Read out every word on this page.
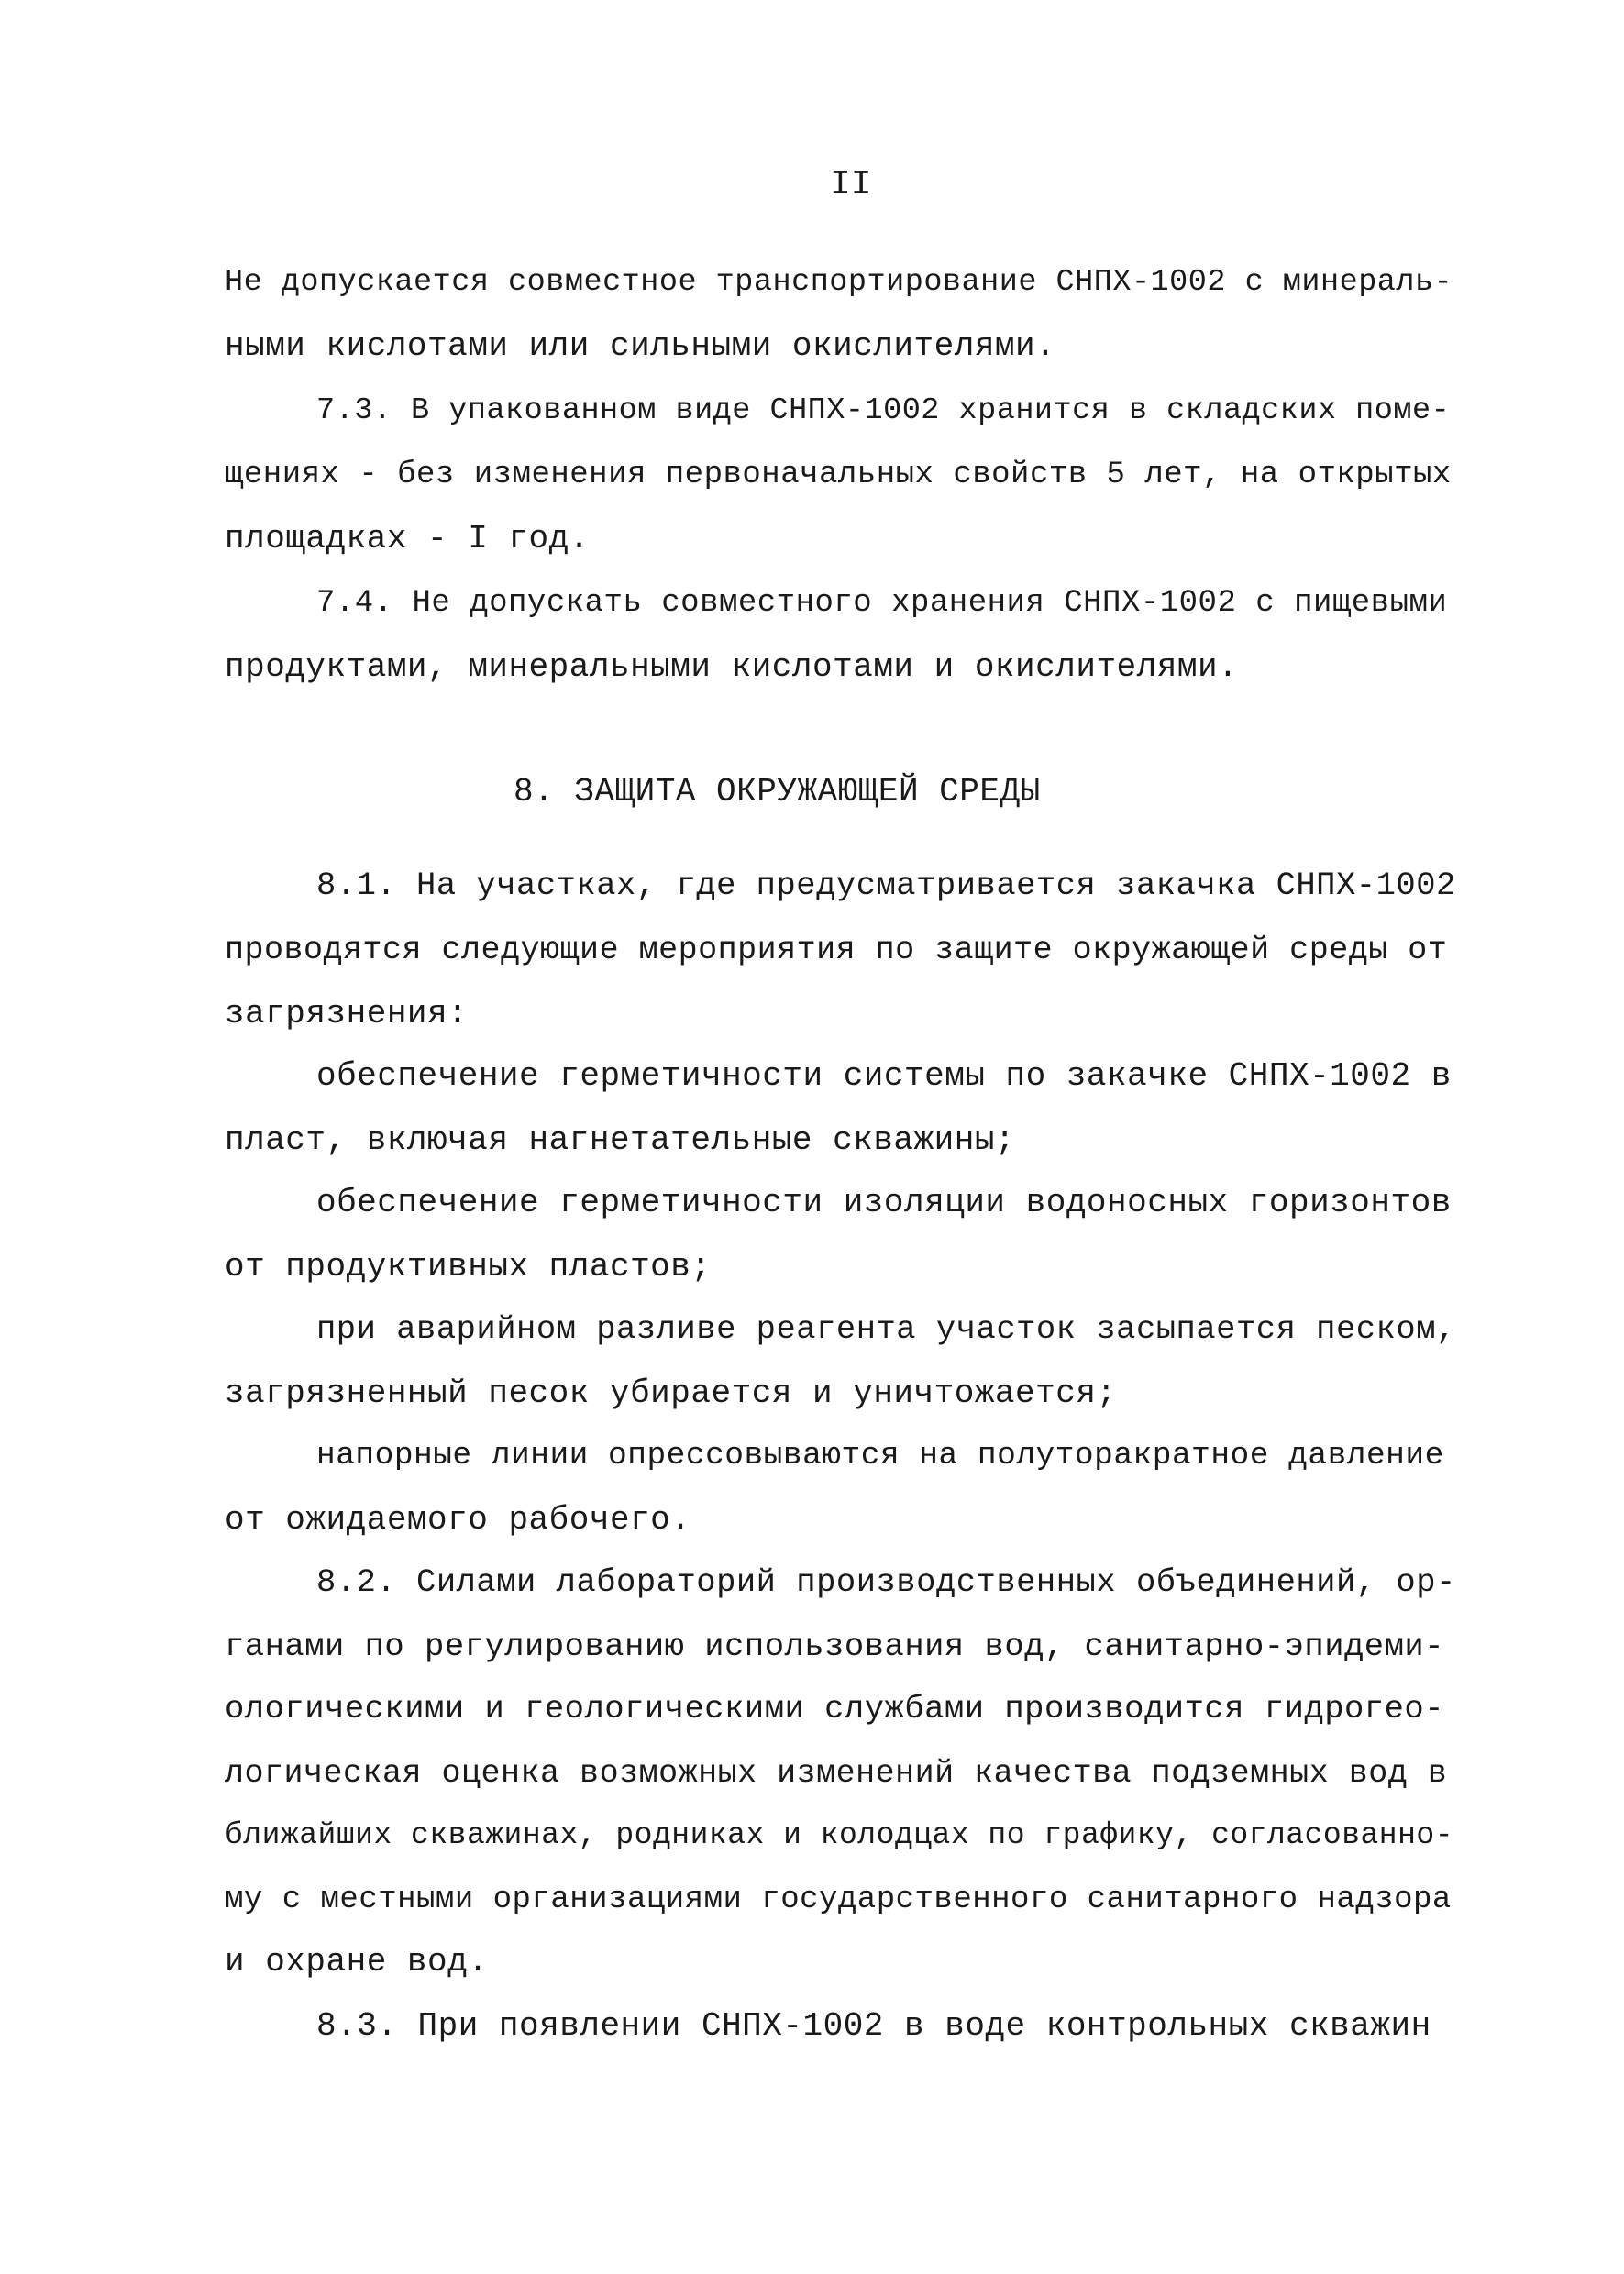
II
Не допускается совместное транспортирование СНПХ-1002 с минераль-
ными кислотами или сильными окислителями.
7.3. В упакованном виде СНПХ-1002 хранится в складских поме-
щениях - без изменения первоначальных свойств 5 лет, на открытых
площадках - I год.
7.4. Не допускать совместного хранения СНПХ-1002 с пищевыми
продуктами, минеральными кислотами и окислителями.
8. ЗАЩИТА ОКРУЖАЮЩЕЙ СРЕДЫ
8.1. На участках, где предусматривается закачка СНПХ-1002
проводятся следующие мероприятия по защите окружающей среды от
загрязнения:
обеспечение герметичности системы по закачке СНПХ-1002 в
пласт, включая нагнетательные скважины;
обеспечение герметичности изоляции водоносных горизонтов
от продуктивных пластов;
при аварийном разливе реагента участок засыпается песком,
загрязненный песок убирается и уничтожается;
напорные линии опрессовываются на полуторакратное давление
от ожидаемого рабочего.
8.2. Силами лабораторий производственных объединений, ор-
ганами по регулированию использования вод, санитарно-эпидеми-
ологическими и геологическими службами производится гидрогео-
логическая оценка возможных изменений качества подземных вод в
ближайших скважинах, родниках и колодцах по графику, согласованно-
му с местными организациями государственного санитарного надзора
и охране вод.
8.3. При появлении СНПХ-1002 в воде контрольных скважин
